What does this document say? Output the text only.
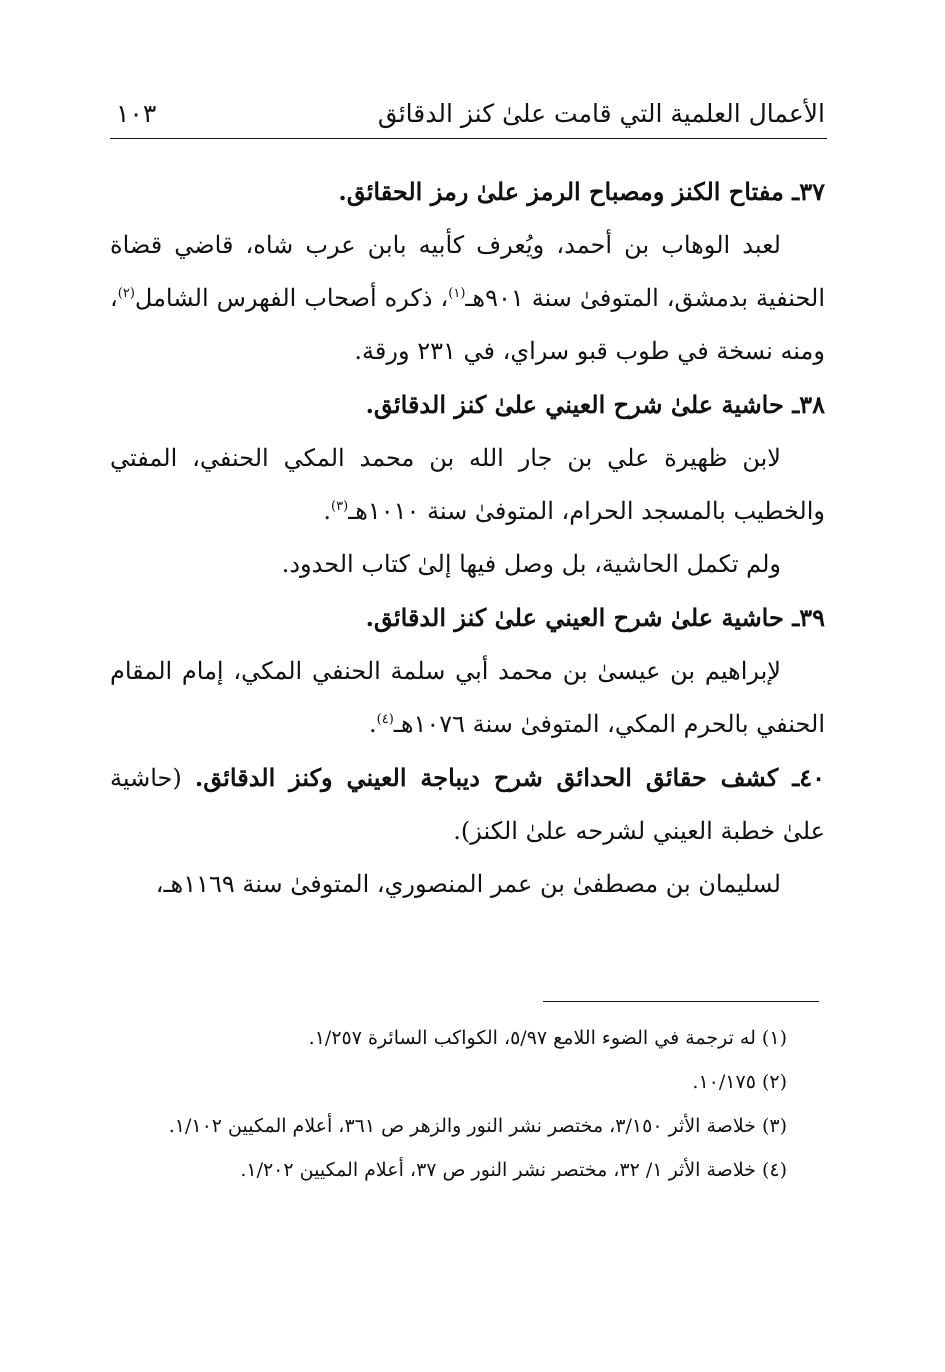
الأعمال العلمية التي قامت علىٰ كنز الدقائق
١٠٣

٣٧ـ مفتاح الكنز ومصباح الرمز علىٰ رمز الحقائق.

لعبد الوهاب بن أحمد، ويُعرف كأبيه بابن عرب شاه، قاضي قضاة الحنفية بدمشق، المتوفىٰ سنة ٩٠١هـ$^{(١)}$، ذكره أصحاب الفهرس الشامل$^{(٢)}$، ومنه نسخة في طوب قبو سراي، في ٢٣١ ورقة.

٣٨ـ حاشية علىٰ شرح العيني علىٰ كنز الدقائق.

لابن ظهيرة علي بن جار الله بن محمد المكي الحنفي، المفتي والخطيب بالمسجد الحرام، المتوفىٰ سنة ١٠١٠هـ$^{(٣)}$.

ولم تكمل الحاشية، بل وصل فيها إلىٰ كتاب الحدود.

٣٩ـ حاشية علىٰ شرح العيني علىٰ كنز الدقائق.

لإبراهيم بن عيسىٰ بن محمد أبي سلمة الحنفي المكي، إمام المقام الحنفي بالحرم المكي، المتوفىٰ سنة ١٠٧٦هـ$^{(٤)}$.

٤٠ـ كشف حقائق الحدائق شرح ديباجة العيني وكنز الدقائق. (حاشية علىٰ خطبة العيني لشرحه علىٰ الكنز).

لسليمان بن مصطفىٰ بن عمر المنصوري، المتوفىٰ سنة ١١٦٩هـ،

(١) له ترجمة في الضوء اللامع ٥/٩٧، الكواكب السائرة ١/٢٥٧.

(٢) ١٠/١٧٥.

(٣) خلاصة الأثر ٣/١٥٠، مختصر نشر النور والزهر ص ٣٦١، أعلام المكيين ١/١٠٢.

(٤) خلاصة الأثر ١/ ٣٢، مختصر نشر النور ص ٣٧، أعلام المكيين ١/٢٠٢.
